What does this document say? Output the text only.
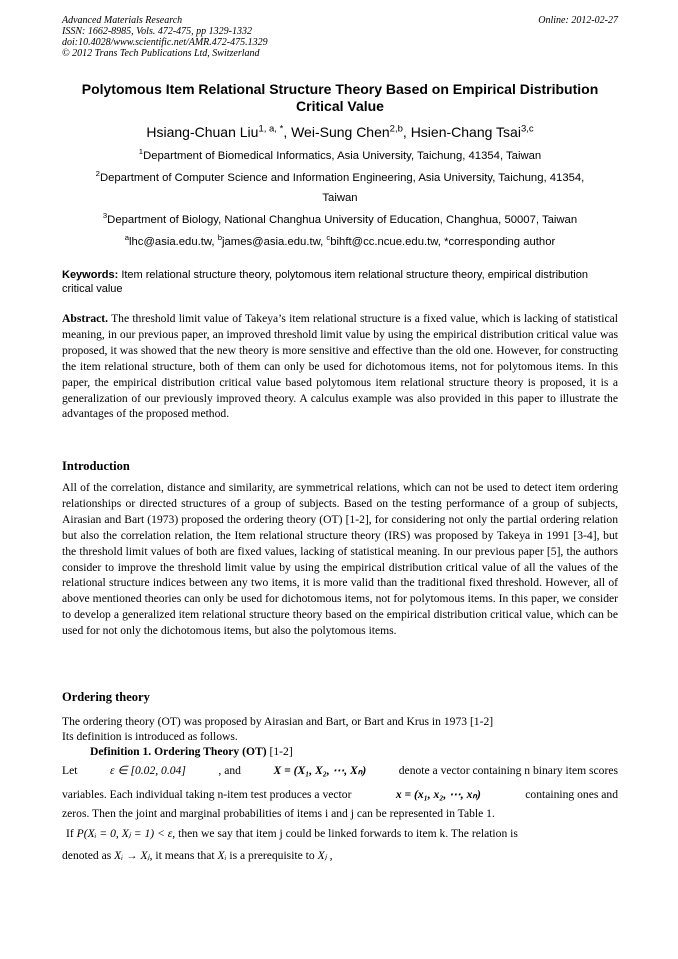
Advanced Materials Research
ISSN: 1662-8985, Vols. 472-475, pp 1329-1332
doi:10.4028/www.scientific.net/AMR.472-475.1329
© 2012 Trans Tech Publications Ltd, Switzerland
Online: 2012-02-27
Polytomous Item Relational Structure Theory Based on Empirical Distribution Critical Value
Hsiang-Chuan Liu$^{1, a, *}$, Wei-Sung Chen$^{2,b}$, Hsien-Chang Tsai$^{3,c}$
$^1$Department of Biomedical Informatics, Asia University, Taichung, 41354, Taiwan
$^2$Department of Computer Science and Information Engineering, Asia University, Taichung, 41354,
Taiwan
$^3$Department of Biology, National Changhua University of Education, Changhua, 50007, Taiwan
$^a$lhc@asia.edu.tw, $^b$james@asia.edu.tw, $^c$bihft@cc.ncue.edu.tw, *corresponding author
Keywords: Item relational structure theory, polytomous item relational structure theory, empirical distribution critical value
Abstract. The threshold limit value of Takeya’s item relational structure is a fixed value, which is lacking of statistical meaning, in our previous paper, an improved threshold limit value by using the empirical distribution critical value was proposed, it was showed that the new theory is more sensitive and effective than the old one. However, for constructing the item relational structure, both of them can only be used for dichotomous items, not for polytomous items. In this paper, the empirical distribution critical value based polytomous item relational structure theory is proposed, it is a generalization of our previously improved theory. A calculus example was also provided in this paper to illustrate the advantages of the proposed method.
Introduction
All of the correlation, distance and similarity, are symmetrical relations, which can not be used to detect item ordering relationships or directed structures of a group of subjects. Based on the testing performance of a group of subjects, Airasian and Bart (1973) proposed the ordering theory (OT) [1-2], for considering not only the partial ordering relation but also the correlation relation, the Item relational structure theory (IRS) was proposed by Takeya in 1991 [3-4], but the threshold limit values of both are fixed values, lacking of statistical meaning. In our previous paper [5], the authors consider to improve the threshold limit value by using the empirical distribution critical value of all the values of the relational structure indices between any two items, it is more valid than the traditional fixed threshold. However, all of above mentioned theories can only be used for dichotomous items, not for polytomous items. In this paper, we consider to develop a generalized item relational structure theory based on the empirical distribution critical value, which can be used for not only the dichotomous items, but also the polytomous items.
Ordering theory
The ordering theory (OT) was proposed by Airasian and Bart, or Bart and Krus in 1973 [1-2]
Its definition is introduced as follows.
Definition 1. Ordering Theory (OT) [1-2]
Let	ε ∈ [0.02, 0.04]	, and	X = (X₁, X₂, ⋯, Xₙ)	denote a vector containing n binary item scores
variables. Each individual taking n-item test produces a vector	x = (x₁, x₂, ⋯, xₙ)	containing ones and
zeros. Then the joint and marginal probabilities of items i and j can be represented in Table 1.
If P(Xᵢ = 0, Xⱼ = 1) < ε, then we say that item j could be linked forwards to item k. The relation is
denoted as Xᵢ → Xⱼ, it means that Xᵢ is a prerequisite to Xⱼ ,
